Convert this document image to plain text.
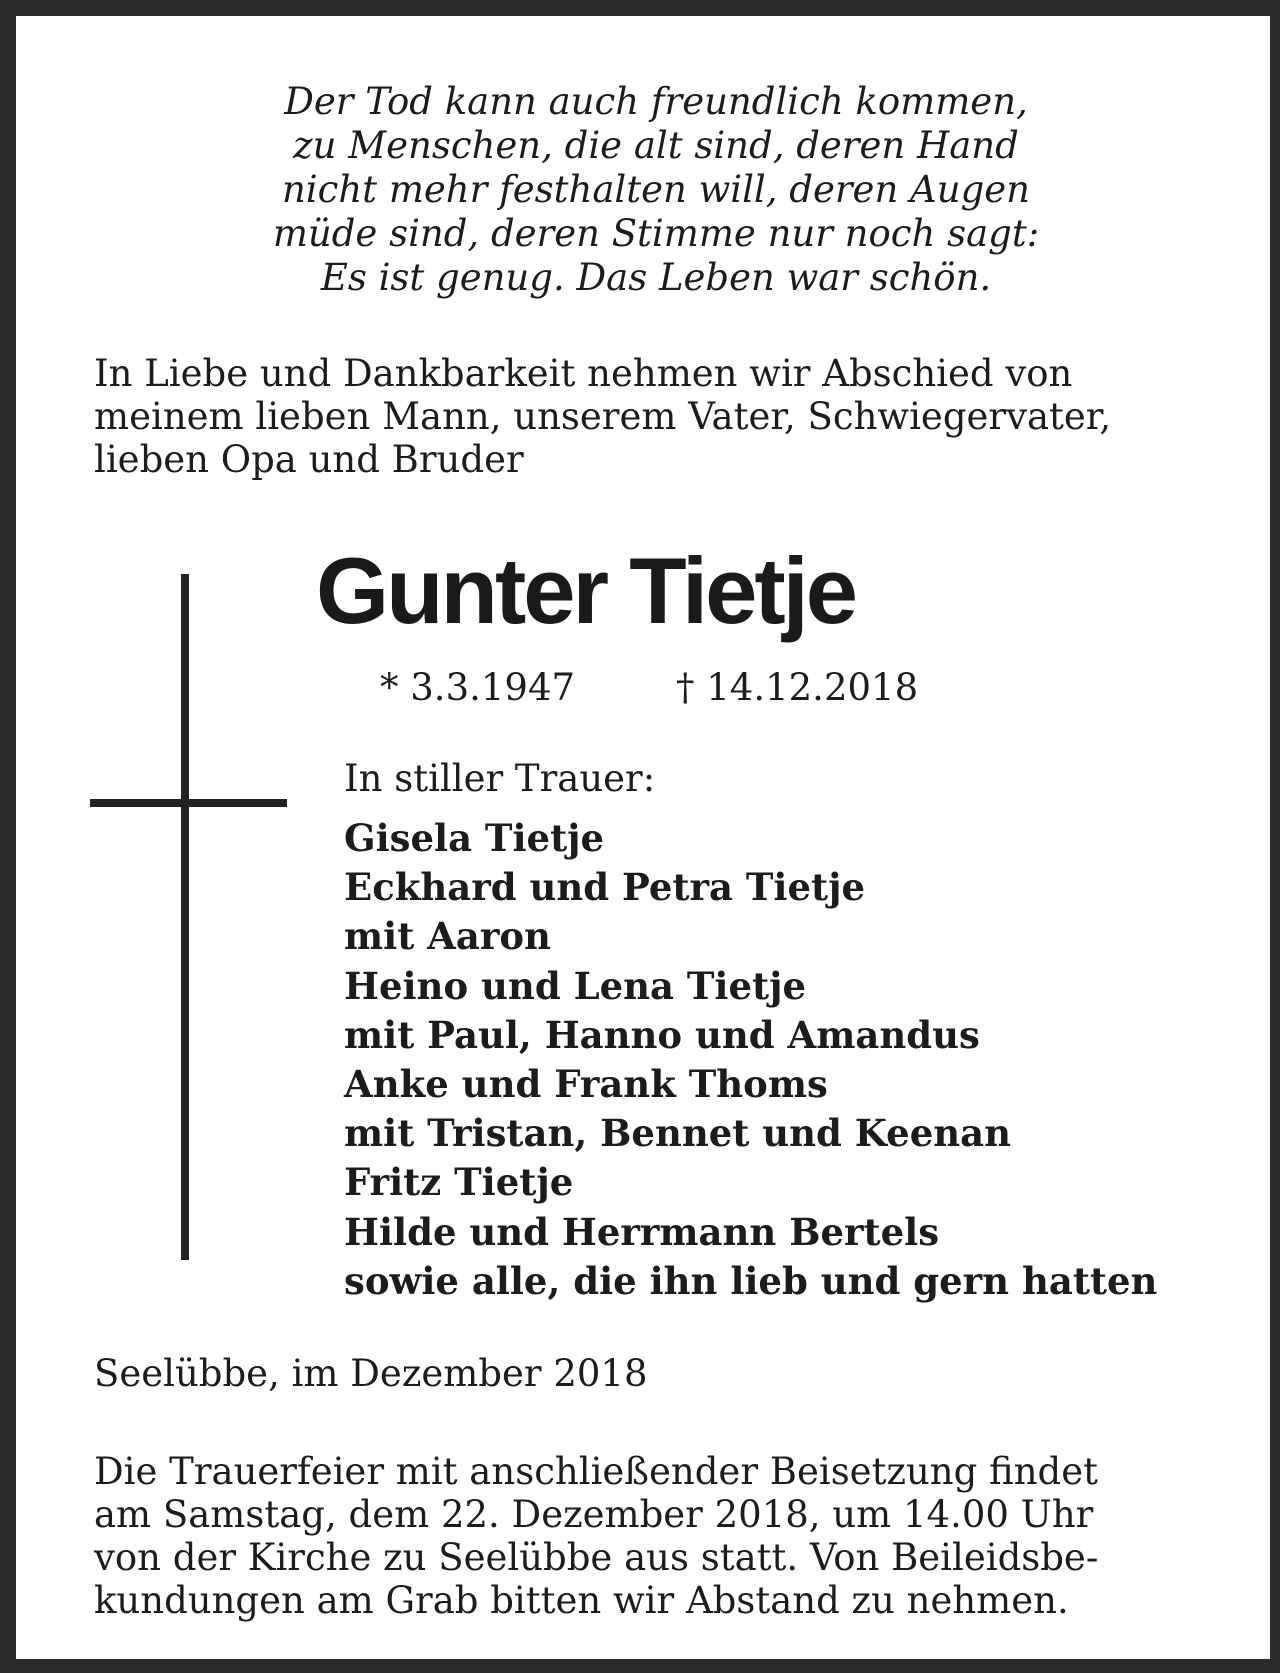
Der Tod kann auch freundlich kommen,
zu Menschen, die alt sind, deren Hand
nicht mehr festhalten will, deren Augen
müde sind, deren Stimme nur noch sagt:
Es ist genug. Das Leben war schön.
In Liebe und Dankbarkeit nehmen wir Abschied von
meinem lieben Mann, unserem Vater, Schwiegervater,
lieben Opa und Bruder
Gunter Tietje
* 3.3.1947	† 14.12.2018
In stiller Trauer:
Gisela Tietje
Eckhard und Petra Tietje
mit Aaron
Heino und Lena Tietje
mit Paul, Hanno und Amandus
Anke und Frank Thoms
mit Tristan, Bennet und Keenan
Fritz Tietje
Hilde und Herrmann Bertels
sowie alle, die ihn lieb und gern hatten
Seelübbe, im Dezember 2018
Die Trauerfeier mit anschließender Beisetzung findet
am Samstag, dem 22. Dezember 2018, um 14.00 Uhr
von der Kirche zu Seelübbe aus statt. Von Beileidsbe-
kundungen am Grab bitten wir Abstand zu nehmen.
